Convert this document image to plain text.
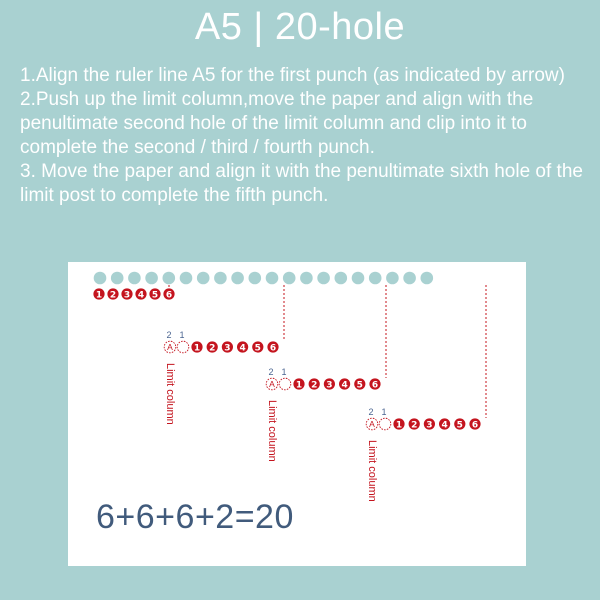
A5 | 20-hole

1.Align the ruler line A5 for the first punch (as indicated by arrow)

2.Push up the limit column,move the paper and align with the penultimate second hole of the limit column and clip into it to complete the second / third / fourth punch.

3. Move the paper and align it with the penultimate sixth hole of the limit post to complete the fifth punch.

1 2 3 4 5 6
2 1
A 1 2 3 4 5 6
Limit column	2 1
A 1 2 3 4 5 6
Limit column	2 1
A 1 2 3 4 5 6
Limit column
6+6+6+2=20
